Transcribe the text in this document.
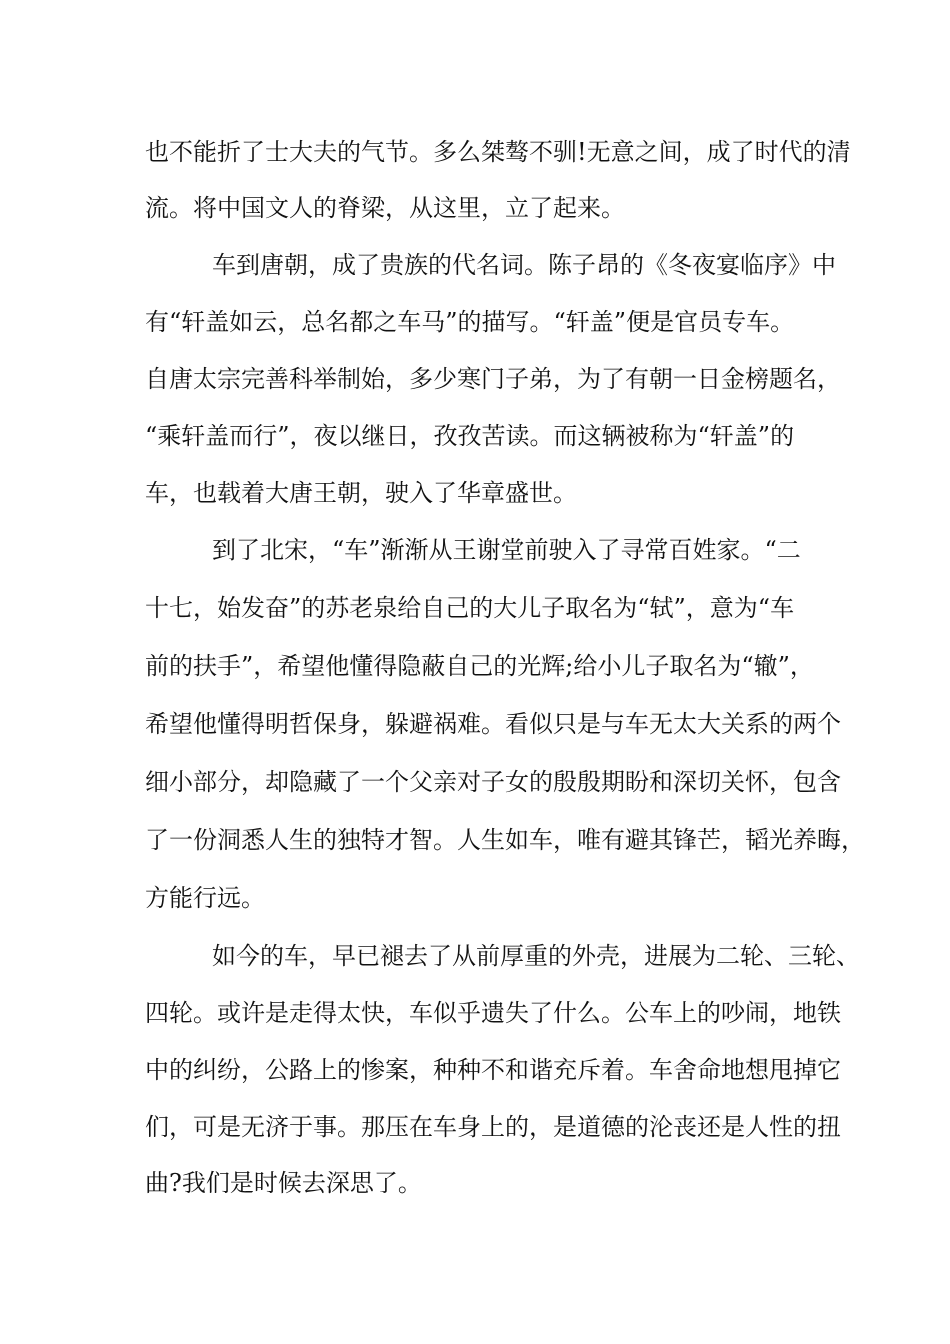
也不能折了士大夫的气节。多么桀骜不驯!无意之间，成了时代的清
流。将中国文人的脊梁，从这里，立了起来。
车到唐朝，成了贵族的代名词。陈子昂的《冬夜宴临序》中
有“轩盖如云，总名都之车马”的描写。“轩盖”便是官员专车。
自唐太宗完善科举制始，多少寒门子弟，为了有朝一日金榜题名，
“乘轩盖而行”，夜以继日，孜孜苦读。而这辆被称为“轩盖”的
车，也载着大唐王朝，驶入了华章盛世。
到了北宋，“车”渐渐从王谢堂前驶入了寻常百姓家。“二
十七，始发奋”的苏老泉给自己的大儿子取名为“轼”，意为“车
前的扶手”，希望他懂得隐蔽自己的光辉;给小儿子取名为“辙”，
希望他懂得明哲保身，躲避祸难。看似只是与车无太大关系的两个
细小部分，却隐藏了一个父亲对子女的殷殷期盼和深切关怀，包含
了一份洞悉人生的独特才智。人生如车，唯有避其锋芒，韬光养晦，
方能行远。
如今的车，早已褪去了从前厚重的外壳，进展为二轮、三轮、
四轮。或许是走得太快，车似乎遗失了什么。公车上的吵闹，地铁
中的纠纷，公路上的惨案，种种不和谐充斥着。车舍命地想甩掉它
们，可是无济于事。那压在车身上的，是道德的沦丧还是人性的扭
曲?我们是时候去深思了。
